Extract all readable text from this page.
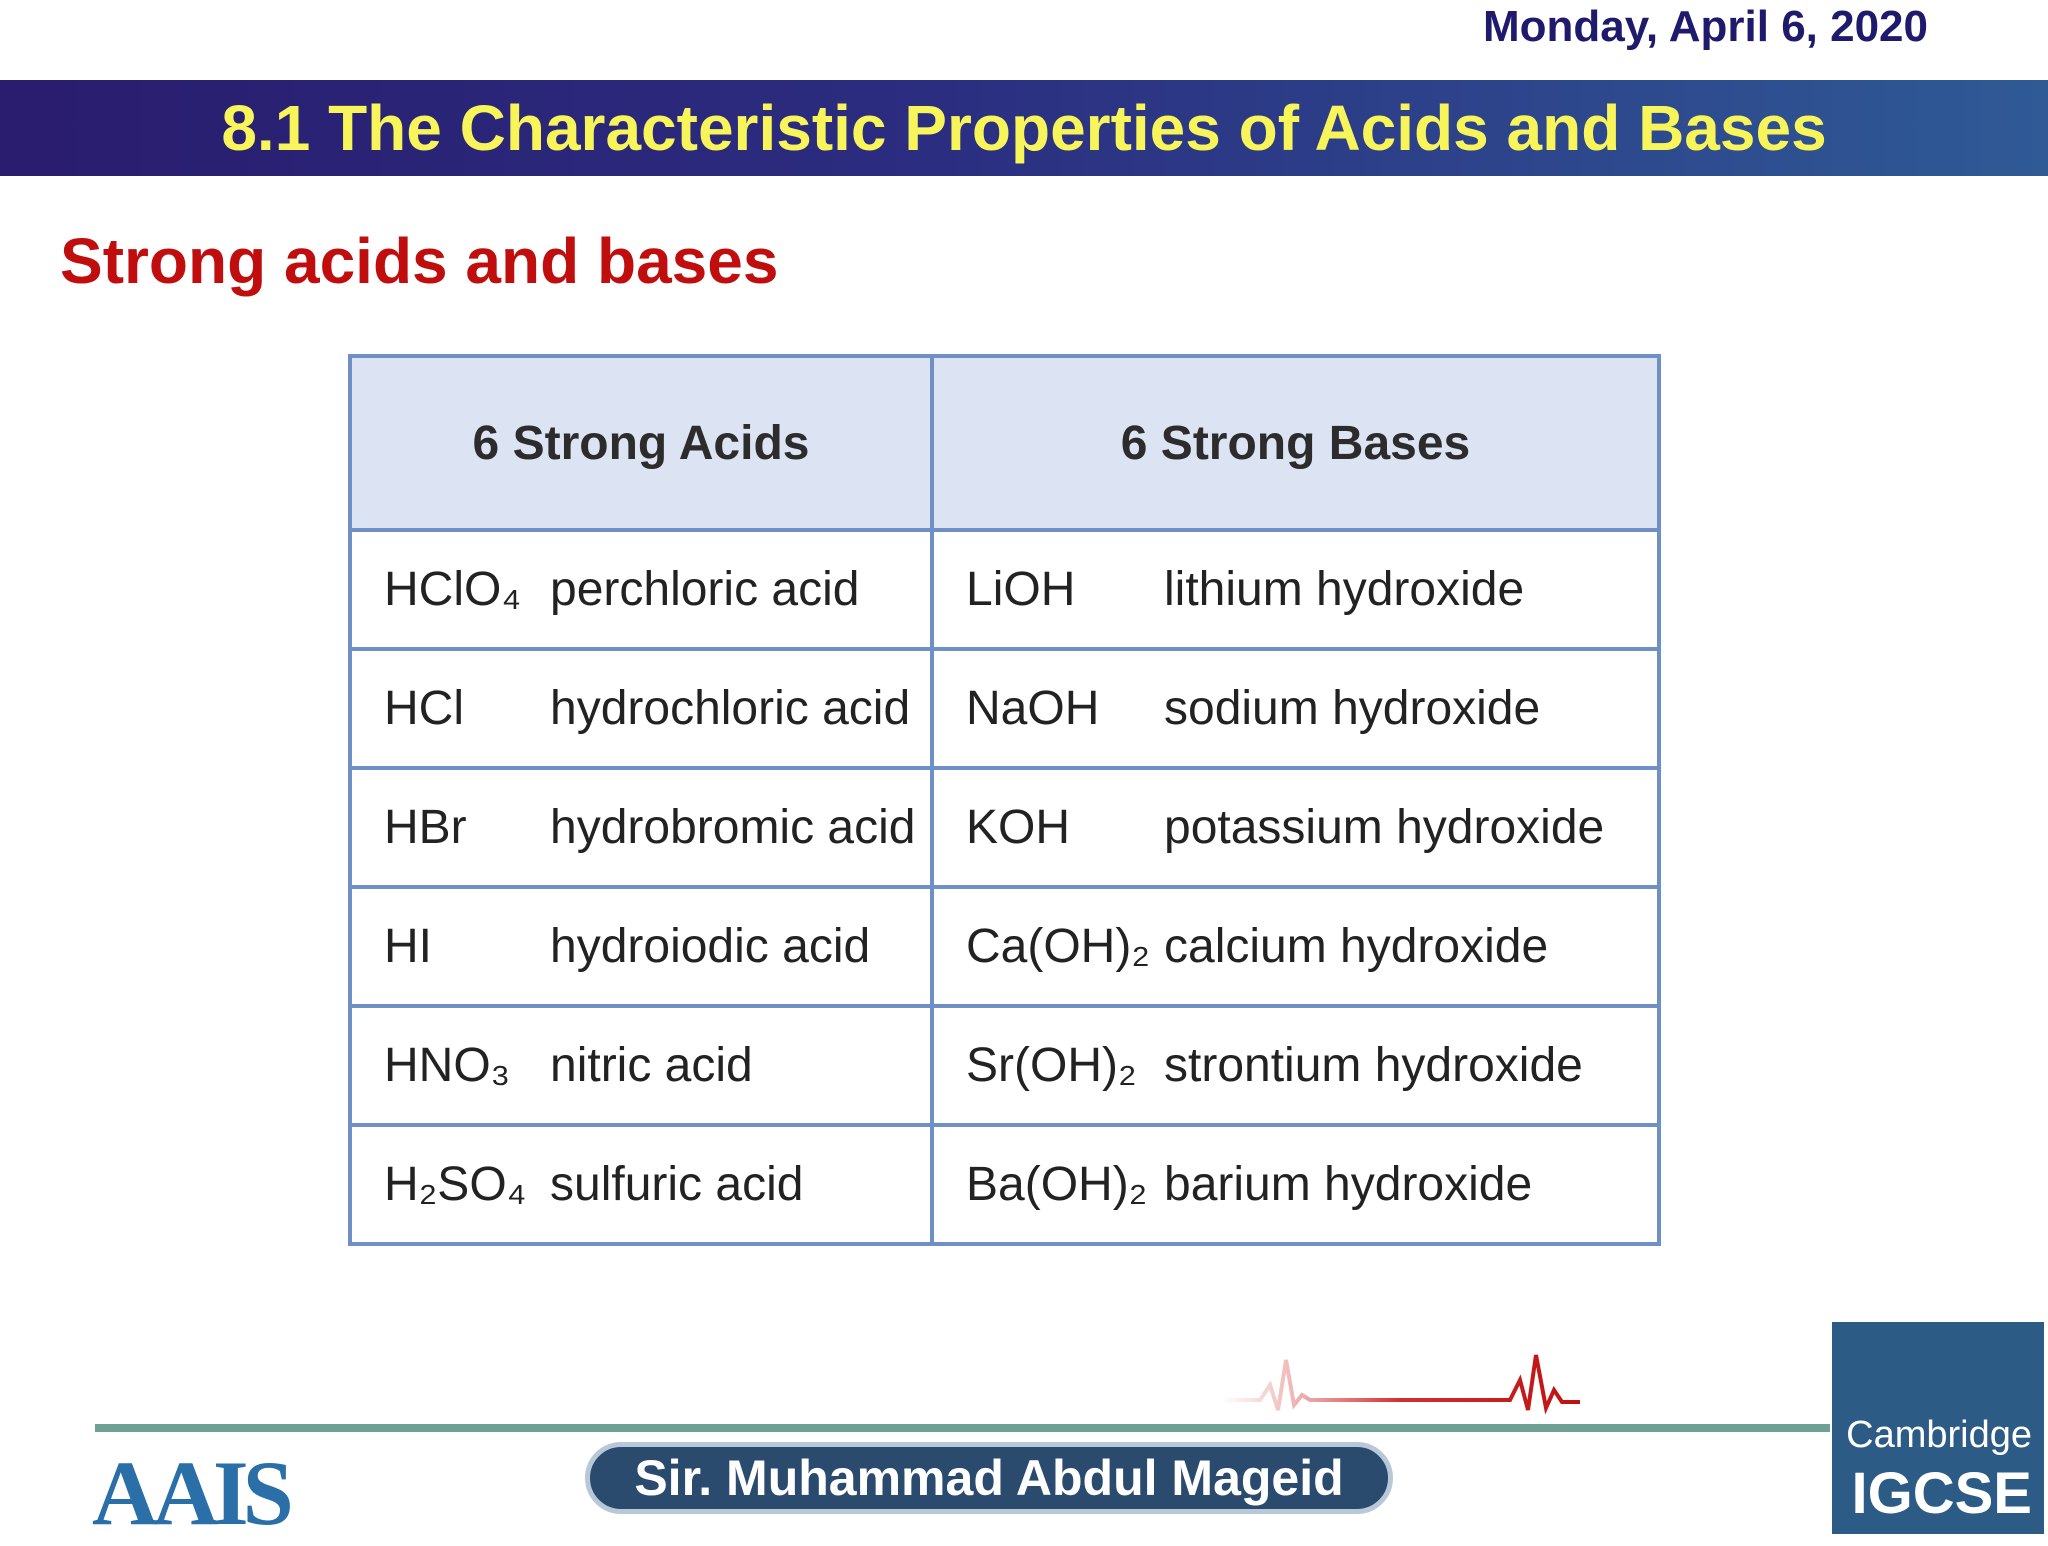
Monday, April 6, 2020
8.1 The Characteristic Properties of Acids and Bases
Strong acids and bases
6 Strong Acids		6 Strong Bases	
HClO₄	perchloric acid	LiOH	lithium hydroxide
HCl	hydrochloric acid	NaOH	sodium hydroxide
HBr	hydrobromic acid	KOH	potassium hydroxide
HI	hydroiodic acid	Ca(OH)₂	calcium hydroxide
HNO₃	nitric acid	Sr(OH)₂	strontium hydroxide
H₂SO₄	sulfuric acid	Ba(OH)₂	barium hydroxide
AAIS	Sir. Muhammad Abdul Mageid
Cambridge
IGCSE
